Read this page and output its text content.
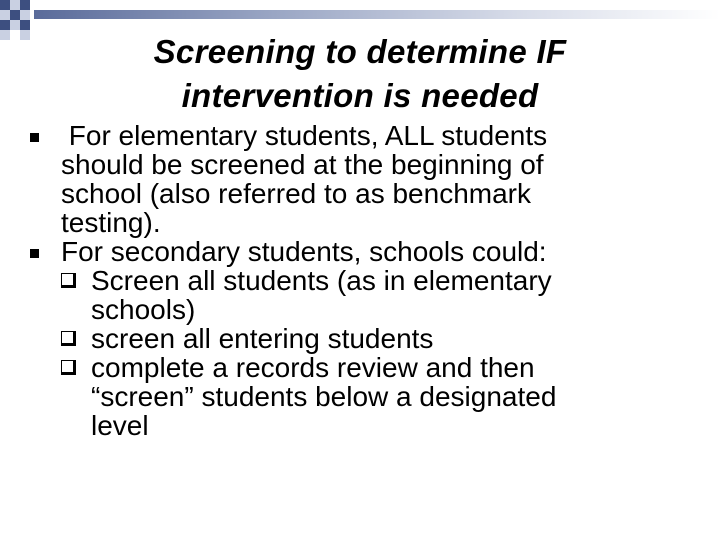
Screening to determine IF
intervention is needed
For elementary students, ALL students
should be screened at the beginning of
school (also referred to as benchmark
testing).
For secondary students, schools could:
Screen all students (as in elementary
schools)
screen all entering students
complete a records review and then
“screen” students below a designated
level
